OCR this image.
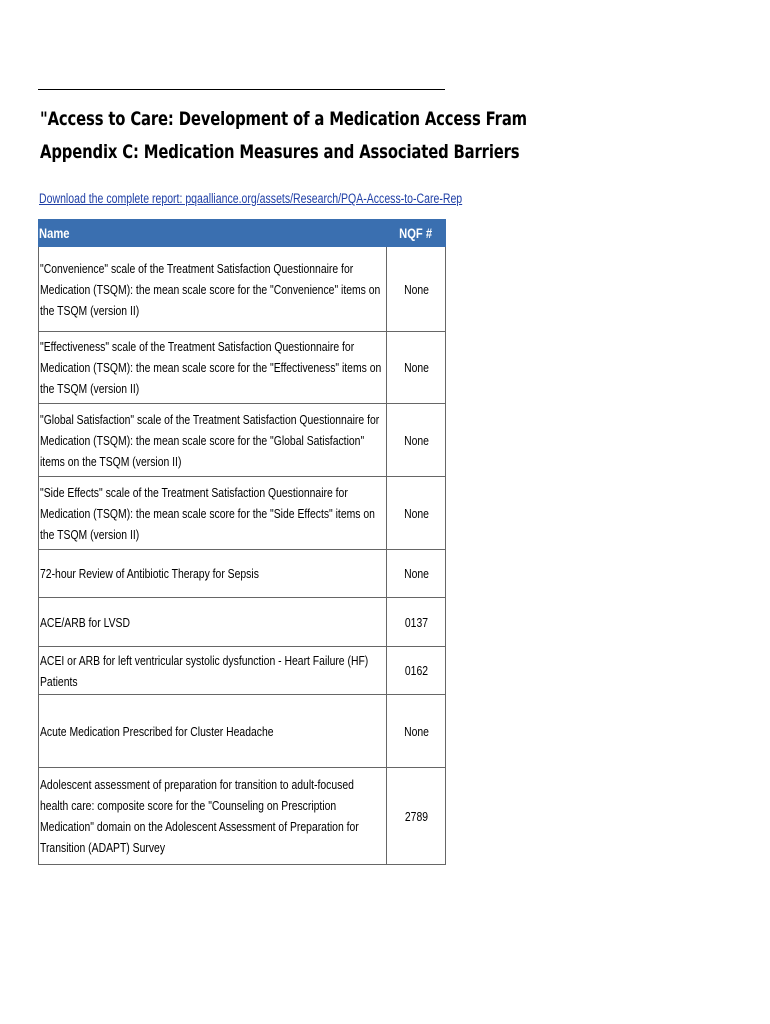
"Access to Care: Development of a Medication Access Fram
Appendix C: Medication Measures and Associated Barriers
Download the complete report: pqaalliance.org/assets/Research/PQA-Access-to-Care-Rep
Name	NQF #

"Convenience" scale of the Treatment Satisfaction Questionnaire for Medication (TSQM): the mean scale score for the "Convenience" items on the TSQM (version II)	None

"Effectiveness" scale of the Treatment Satisfaction Questionnaire for Medication (TSQM): the mean scale score for the "Effectiveness" items on the TSQM (version II)	None

"Global Satisfaction" scale of the Treatment Satisfaction Questionnaire for Medication (TSQM): the mean scale score for the "Global Satisfaction" items on the TSQM (version II)	None

"Side Effects" scale of the Treatment Satisfaction Questionnaire for Medication (TSQM): the mean scale score for the "Side Effects" items on the TSQM (version II)	None

72-hour Review of Antibiotic Therapy for Sepsis	None

ACE/ARB for LVSD	0137

ACEI or ARB for left ventricular systolic dysfunction - Heart Failure (HF) Patients	0162

Acute Medication Prescribed for Cluster Headache	None

Adolescent assessment of preparation for transition to adult-focused health care: composite score for the "Counseling on Prescription Medication" domain on the Adolescent Assessment of Preparation for Transition (ADAPT) Survey	2789
